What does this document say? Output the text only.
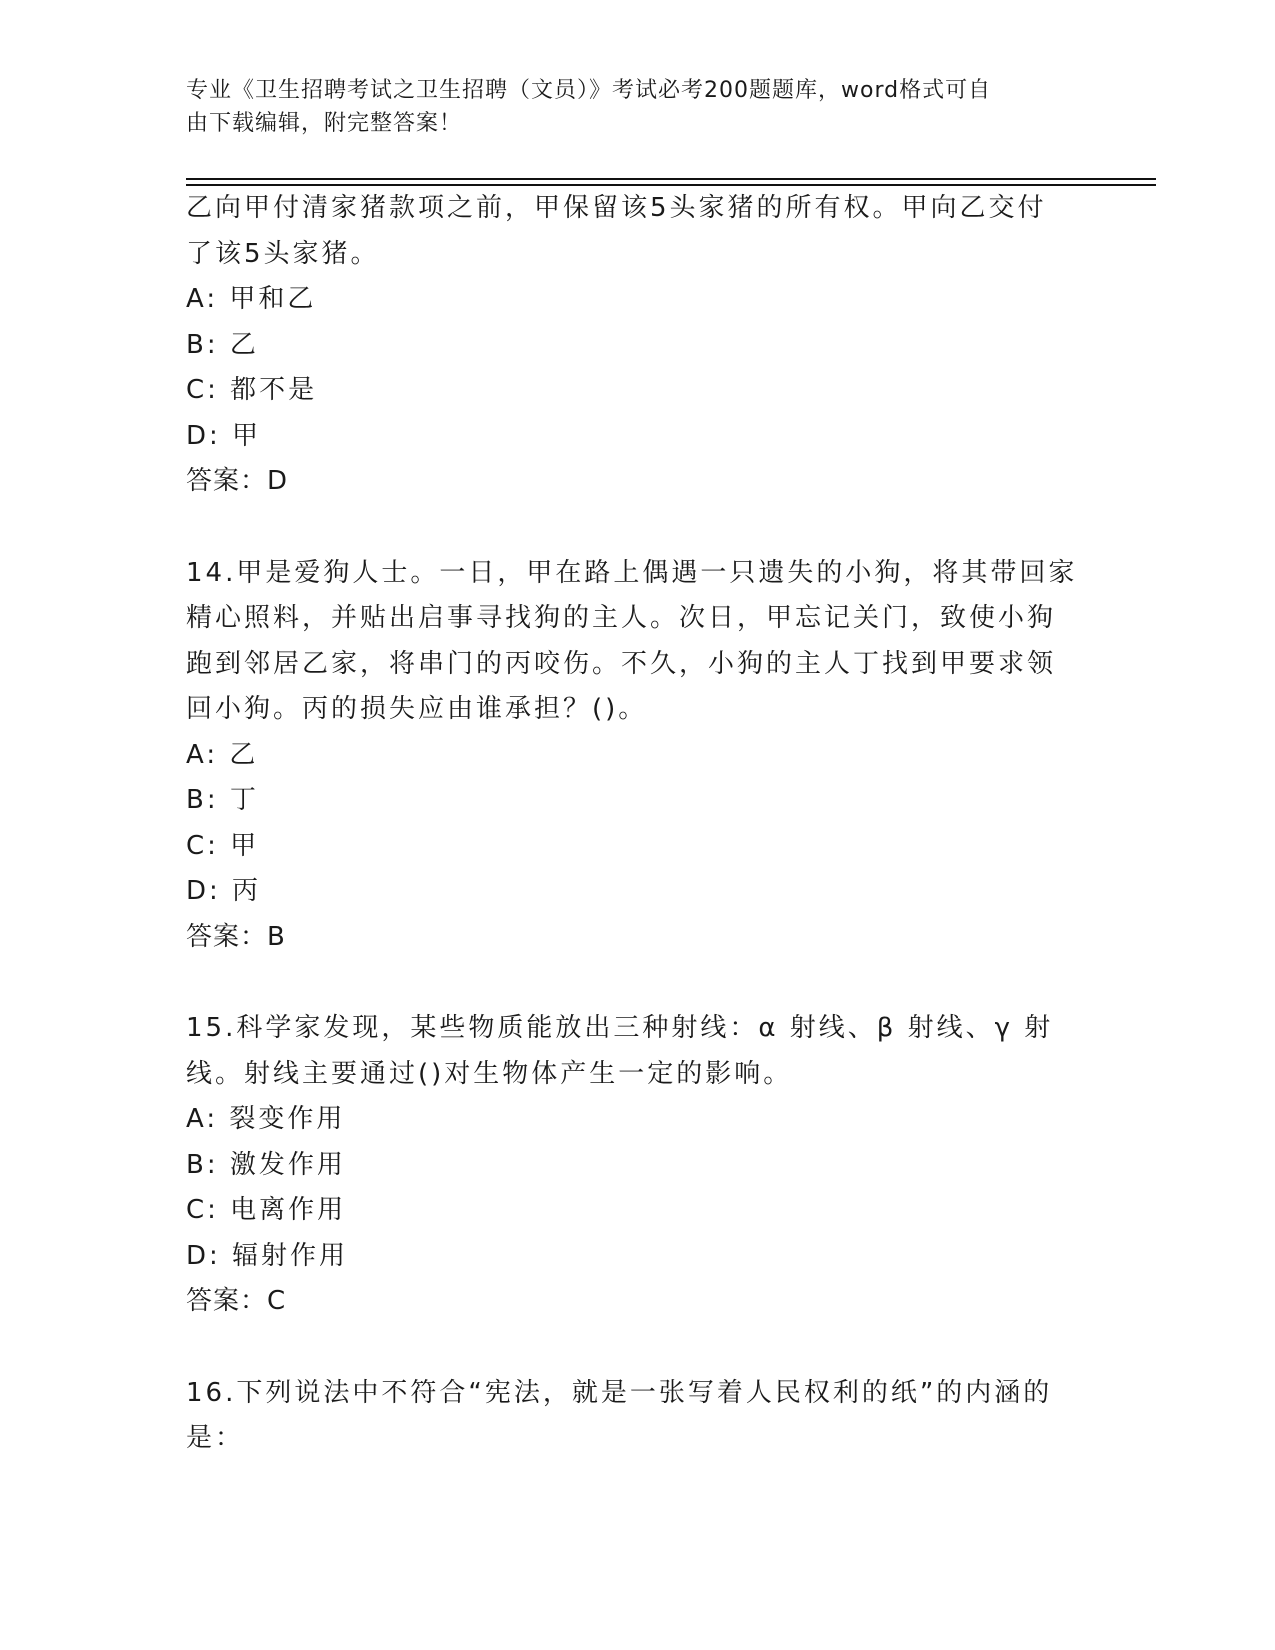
专业《卫生招聘考试之卫生招聘（文员）》考试必考200题题库，word格式可自
由下载编辑，附完整答案！

乙向甲付清家猪款项之前，甲保留该5头家猪的所有权。甲向乙交付

了该5头家猪。

A: 甲和乙

B: 乙

C: 都不是

D: 甲

答案：D

14.甲是爱狗人士。一日，甲在路上偶遇一只遗失的小狗，将其带回家

精心照料，并贴出启事寻找狗的主人。次日，甲忘记关门，致使小狗

跑到邻居乙家，将串门的丙咬伤。不久，小狗的主人丁找到甲要求领

回小狗。丙的损失应由谁承担？()。

A: 乙

B: 丁

C: 甲

D: 丙

答案：B

15.科学家发现，某些物质能放出三种射线：α 射线、β 射线、γ 射

线。射线主要通过()对生物体产生一定的影响。

A: 裂变作用

B: 激发作用

C: 电离作用

D: 辐射作用

答案：C

16.下列说法中不符合“宪法，就是一张写着人民权利的纸”的内涵的

是：
